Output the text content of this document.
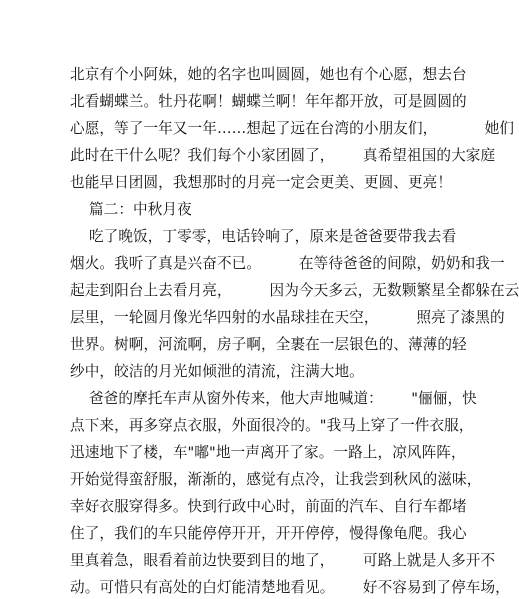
北京有个小阿妹，她的名字也叫圆圆，她也有个心愿，想去台
北看蝴蝶兰。牡丹花啊！蝴蝶兰啊！年年都开放，可是圆圆的
心愿，等了一年又一年……想起了远在台湾的小朋友们，          她们
此时在干什么呢？我们每个小家团圆了，      真希望祖国的大家庭
也能早日团圆，我想那时的月亮一定会更美、更圆、更亮！
篇二：中秋月夜
吃了晚饭，丁零零，电话铃响了，原来是爸爸要带我去看
烟火。我听了真是兴奋不已。        在等待爸爸的间隙，奶奶和我一
起走到阳台上去看月亮，        因为今天多云，无数颗繁星全都躲在云
层里，一轮圆月像光华四射的水晶球挂在天空，        照亮了漆黑的
世界。树啊，河流啊，房子啊，全裹在一层银色的、薄薄的轻
纱中，皎洁的月光如倾泄的清流，注满大地。
爸爸的摩托车声从窗外传来，他大声地喊道：      "俪俪，快
点下来，再多穿点衣服，外面很冷的。"我马上穿了一件衣服，
迅速地下了楼，车"嘟"地一声离开了家。一路上，凉风阵阵，
开始觉得蛮舒服，渐渐的，感觉有点冷，让我尝到秋风的滋味，
幸好衣服穿得多。快到行政中心时，前面的汽车、自行车都堵
住了，我们的车只能停停开开，开开停停，慢得像龟爬。我心
里真着急，眼看着前边快要到目的地了，      可路上就是人多开不
动。可惜只有高处的白灯能清楚地看见。      好不容易到了停车场，
